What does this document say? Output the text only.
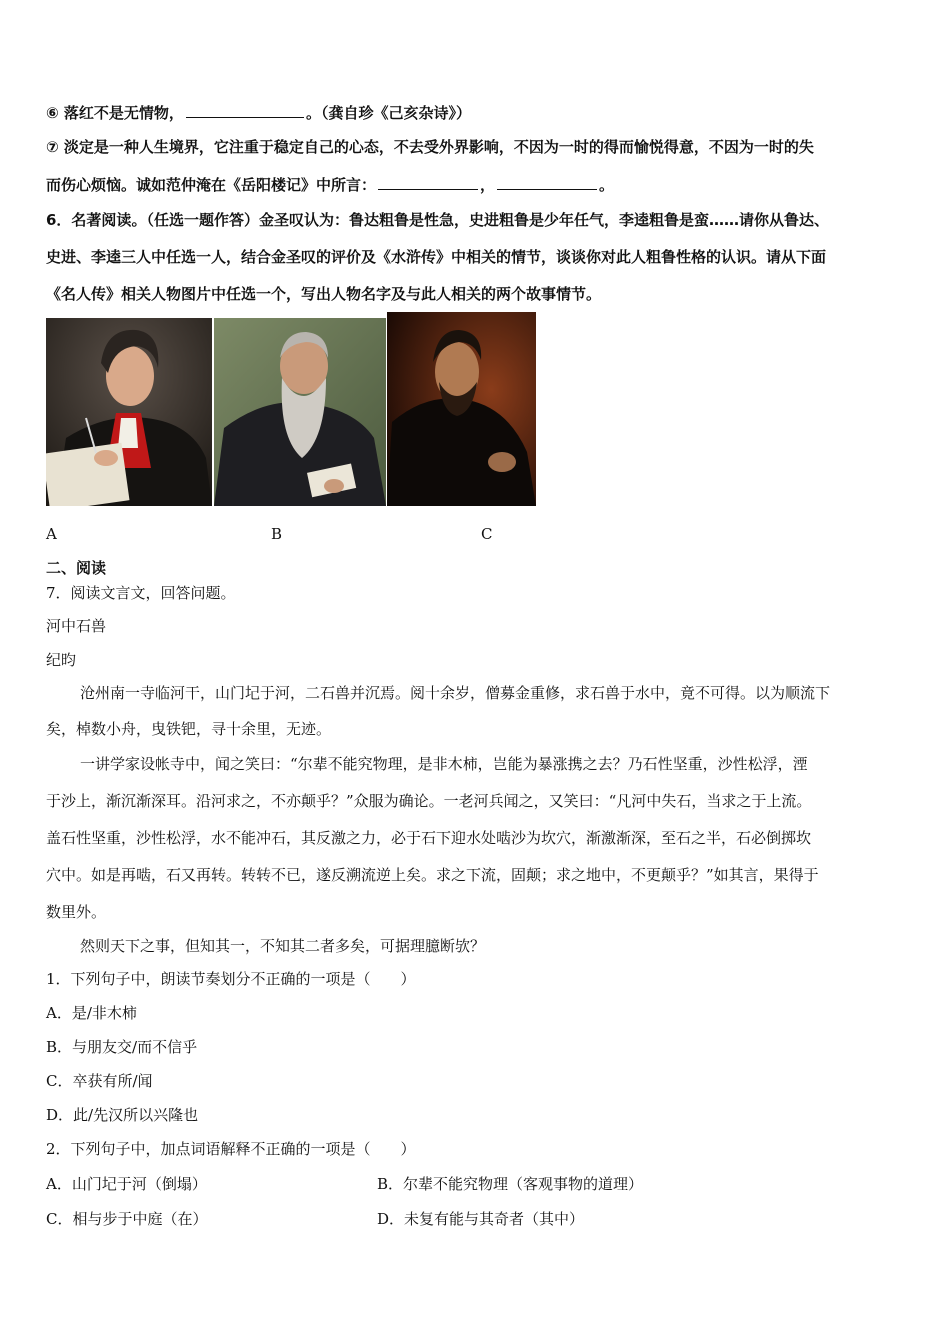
⑥ 落红不是无情物，	。（龚自珍《己亥杂诗》）
⑦ 淡定是一种人生境界，它注重于稳定自己的心态，不去受外界影响，不因为一时的得而愉悦得意，不因为一时的失
而伤心烦恼。诚如范仲淹在《岳阳楼记》中所言：	，	。
6．名著阅读。（任选一题作答）金圣叹认为：鲁达粗鲁是性急，史进粗鲁是少年任气，李逵粗鲁是蛮……请你从鲁达、
史进、李逵三人中任选一人，结合金圣叹的评价及《水浒传》中相关的情节，谈谈你对此人粗鲁性格的认识。请从下面
《名人传》相关人物图片中任选一个，写出人物名字及与此人相关的两个故事情节。
A	B	C
二、阅读
7．阅读文言文，回答问题。
河中石兽
纪昀
沧州南一寺临河干，山门圮于河，二石兽并沉焉。阅十余岁，僧募金重修，求石兽于水中，竟不可得。以为顺流下
矣，棹数小舟，曳铁钯，寻十余里，无迹。
一讲学家设帐寺中，闻之笑曰：“尔辈不能究物理，是非木柿，岂能为暴涨携之去？乃石性坚重，沙性松浮，湮
于沙上，渐沉渐深耳。沿河求之，不亦颠乎？”众服为确论。一老河兵闻之，又笑曰：“凡河中失石，当求之于上流。
盖石性坚重，沙性松浮，水不能冲石，其反激之力，必于石下迎水处啮沙为坎穴，渐激渐深，至石之半，石必倒掷坎
穴中。如是再啮，石又再转。转转不已，遂反溯流逆上矣。求之下流，固颠；求之地中，不更颠乎？”如其言，果得于
数里外。
然则天下之事，但知其一，不知其二者多矣，可据理臆断欤？
1．下列句子中，朗读节奏划分不正确的一项是（　　）
A．是/非木柿
B．与朋友交/而不信乎
C．卒获有所/闻
D．此/先汉所以兴隆也
2．下列句子中，加点词语解释不正确的一项是（　　）
A．山门圮于河（倒塌）	B．尔辈不能究物理（客观事物的道理）
C．相与步于中庭（在）	D．未复有能与其奇者（其中）
